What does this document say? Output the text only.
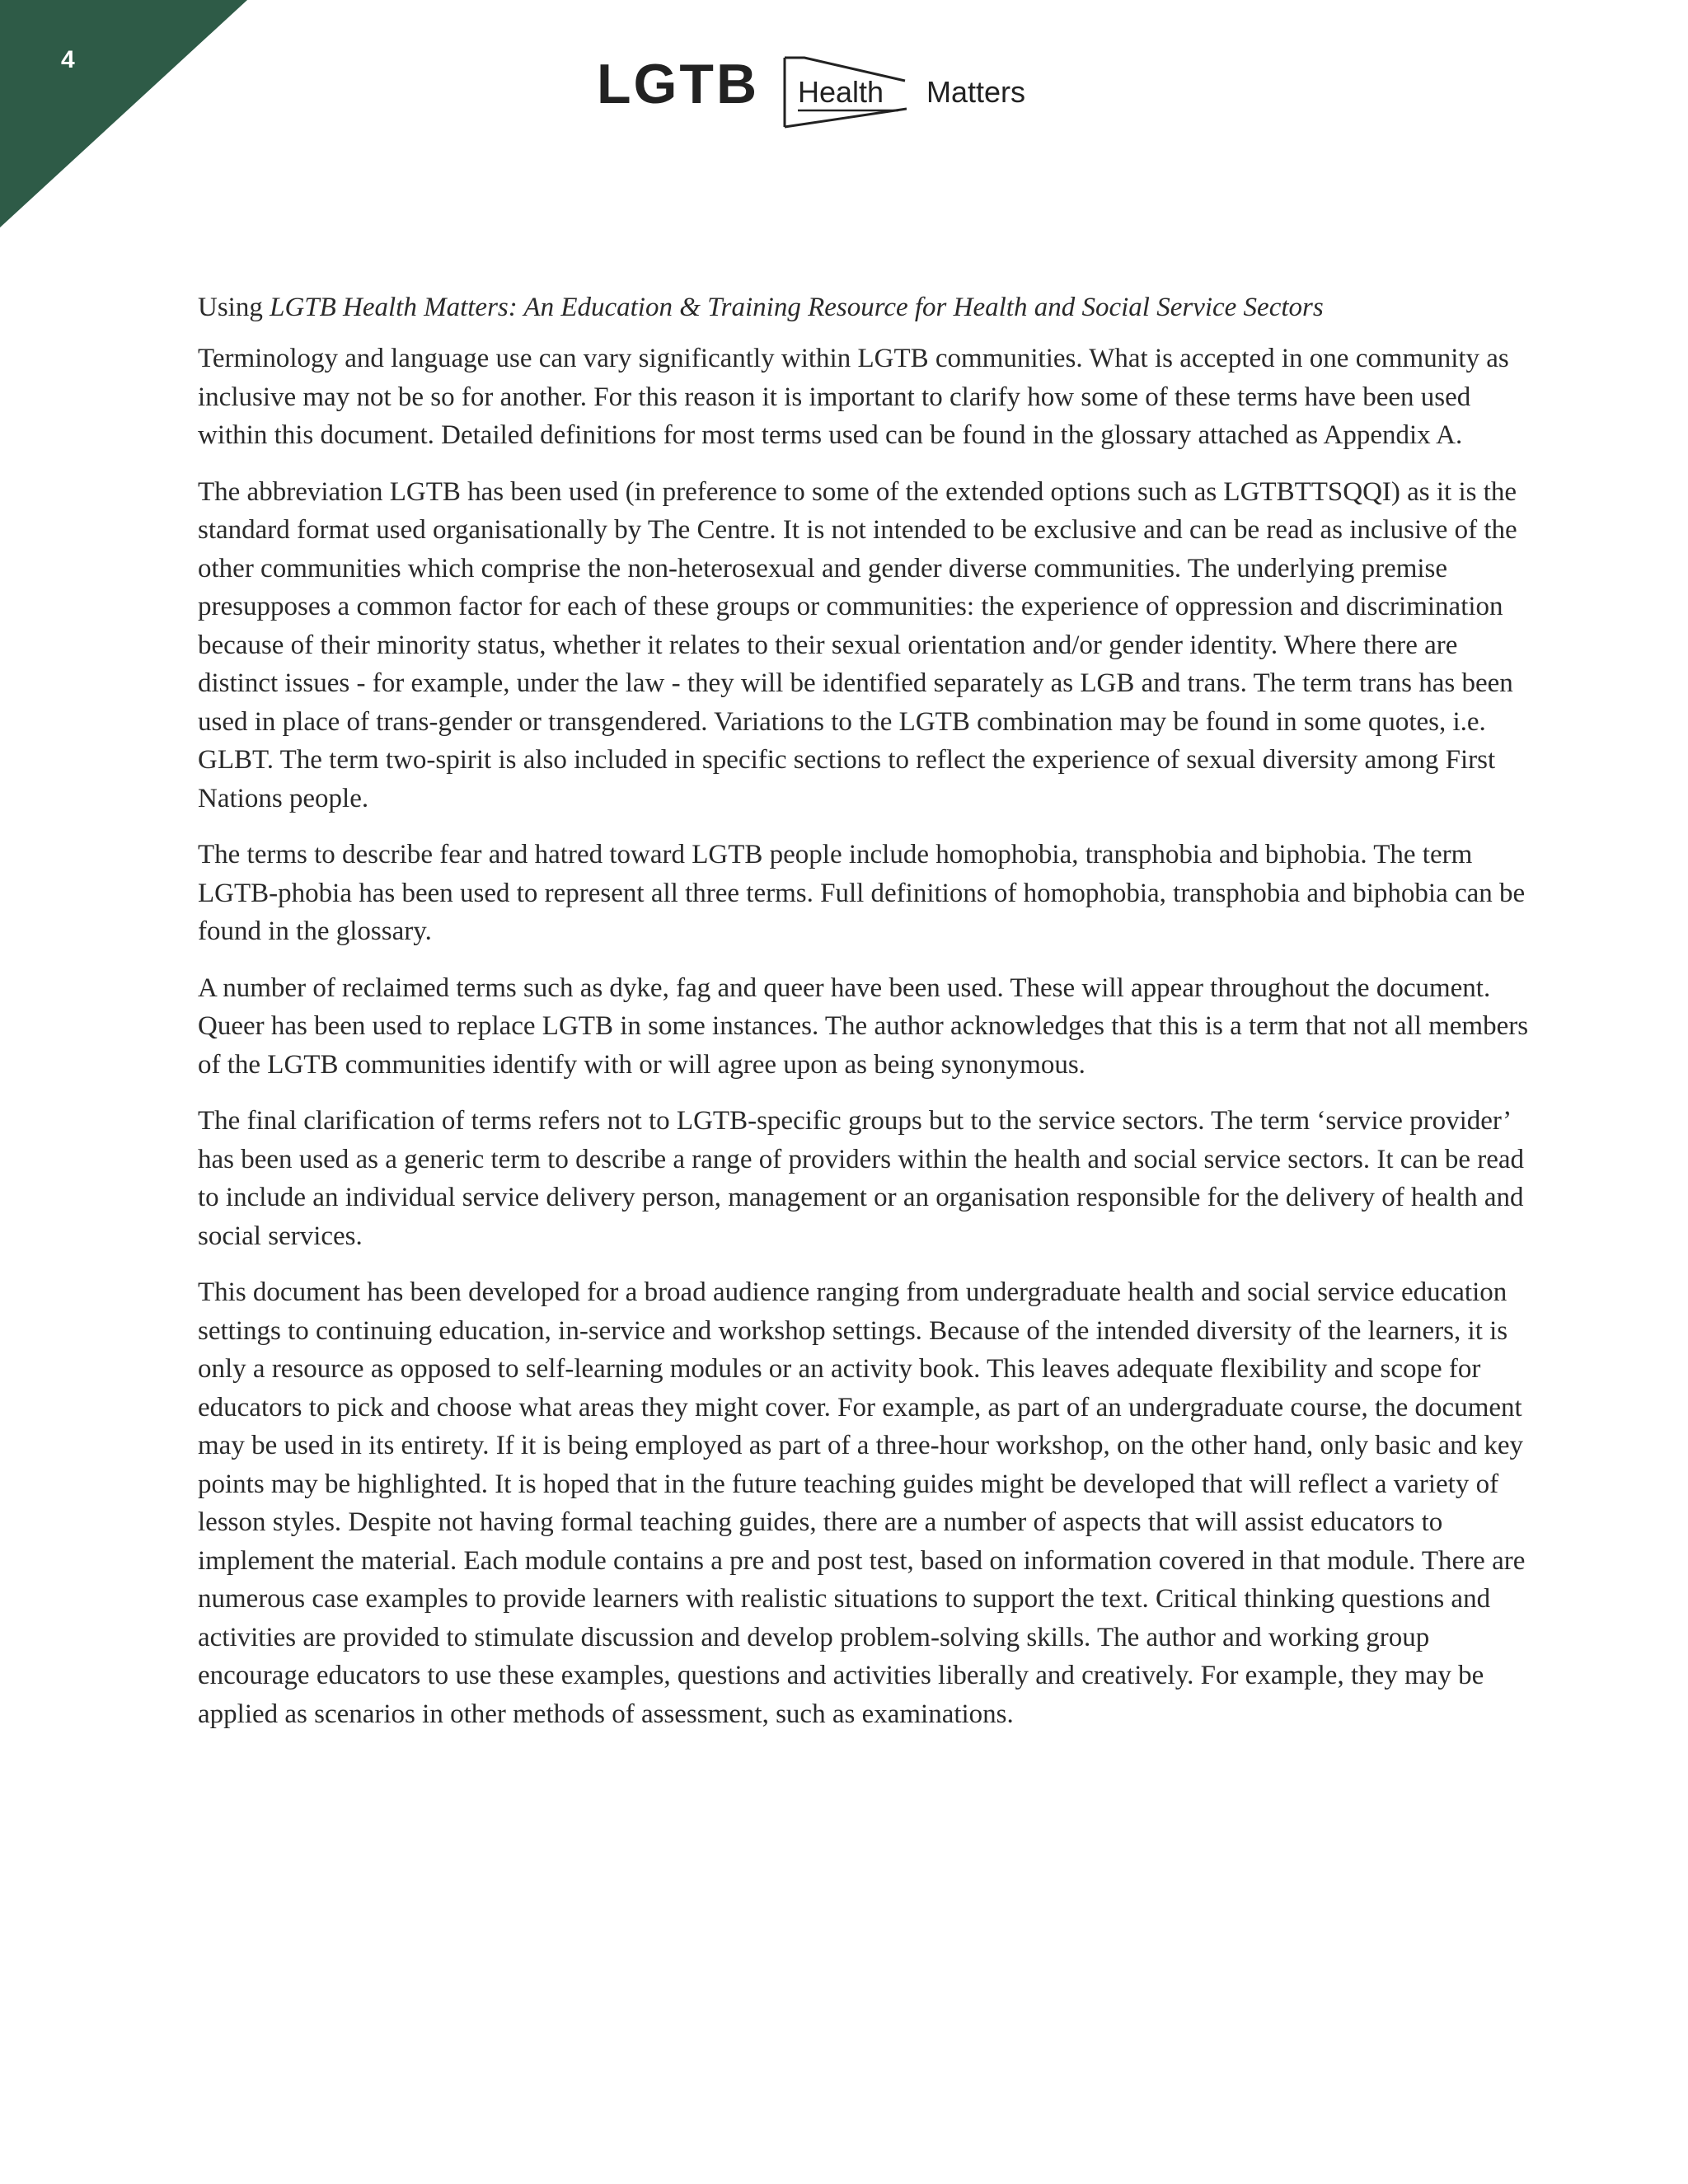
4	LGTB Health Matters

Using LGTB Health Matters: An Education & Training Resource for Health and Social Service Sectors

Terminology and language use can vary significantly within LGTB communities. What is accepted in one community as inclusive may not be so for another. For this reason it is important to clarify how some of these terms have been used within this document. Detailed definitions for most terms used can be found in the glossary attached as Appendix A.

The abbreviation LGTB has been used (in preference to some of the extended options such as LGTBTTSQQI) as it is the standard format used organisationally by The Centre. It is not intended to be exclusive and can be read as inclusive of the other communities which comprise the non-heterosexual and gender diverse communities. The underlying premise presupposes a common factor for each of these groups or communities: the experience of oppression and discrimination because of their minority status, whether it relates to their sexual orientation and/or gender identity. Where there are distinct issues - for example, under the law - they will be identified separately as LGB and trans. The term trans has been used in place of trans-gender or transgendered. Variations to the LGTB combination may be found in some quotes, i.e. GLBT. The term two-spirit is also included in specific sections to reflect the experience of sexual diversity among First Nations people.

The terms to describe fear and hatred toward LGTB people include homophobia, transphobia and biphobia. The term LGTB-phobia has been used to represent all three terms. Full definitions of homophobia, transphobia and biphobia can be found in the glossary.

A number of reclaimed terms such as dyke, fag and queer have been used. These will appear throughout the document. Queer has been used to replace LGTB in some instances. The author acknowledges that this is a term that not all members of the LGTB communities identify with or will agree upon as being synonymous.

The final clarification of terms refers not to LGTB-specific groups but to the service sectors. The term ‘service provider’ has been used as a generic term to describe a range of providers within the health and social service sectors. It can be read to include an individual service delivery person, management or an organisation responsible for the delivery of health and social services.

This document has been developed for a broad audience ranging from undergraduate health and social service education settings to continuing education, in-service and workshop settings. Because of the intended diversity of the learners, it is only a resource as opposed to self-learning modules or an activity book. This leaves adequate flexibility and scope for educators to pick and choose what areas they might cover. For example, as part of an undergraduate course, the document may be used in its entirety. If it is being employed as part of a three-hour workshop, on the other hand, only basic and key points may be highlighted. It is hoped that in the future teaching guides might be developed that will reflect a variety of lesson styles. Despite not having formal teaching guides, there are a number of aspects that will assist educators to implement the material. Each module contains a pre and post test, based on information covered in that module. There are numerous case examples to provide learners with realistic situations to support the text. Critical thinking questions and activities are provided to stimulate discussion and develop problem-solving skills. The author and working group encourage educators to use these examples, questions and activities liberally and creatively. For example, they may be applied as scenarios in other methods of assessment, such as examinations.
